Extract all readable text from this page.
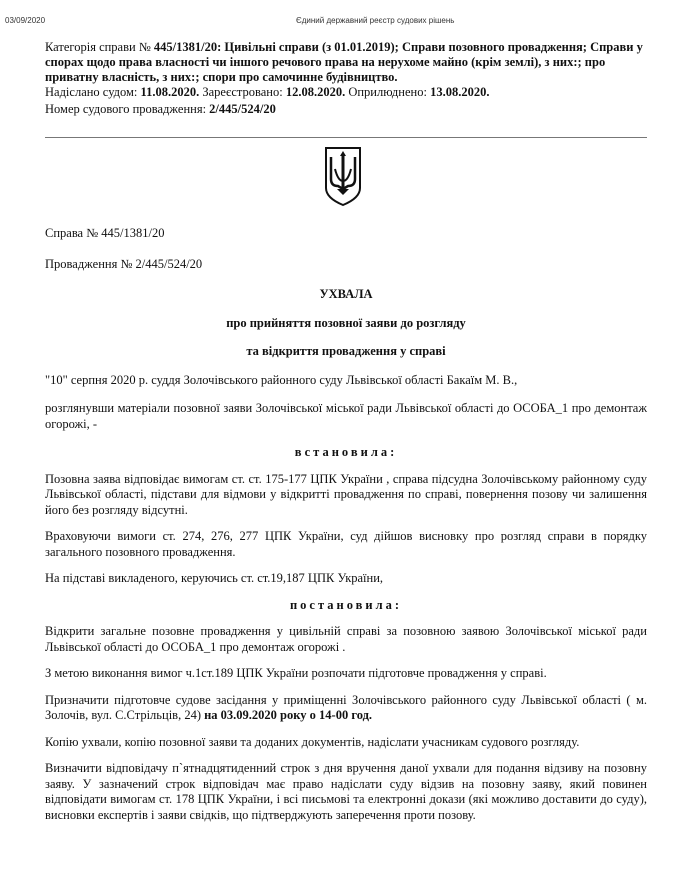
03/09/2020	Єдиний державний реєстр судових рішень

Категорія справи № 445/1381/20: Цивільні справи (з 01.01.2019); Справи позовного провадження; Справи у спорах щодо права власності чи іншого речового права на нерухоме майно (крім землі), з них:; про приватну власність, з них:; спори про самочинне будівництво.

Надіслано судом: 11.08.2020. Зареєстровано: 12.08.2020. Оприлюднено: 13.08.2020.

Номер судового провадження: 2/445/524/20

Справа № 445/1381/20

Провадження № 2/445/524/20

УХВАЛА

про прийняття позовної заяви до розгляду

та відкриття провадження у справі

"10" серпня 2020 р. суддя Золочівського районного суду Львівської області Бакаїм М. В.,

розглянувши матеріали позовної заяви Золочівської міської ради Львівської області до ОСОБА_1 про демонтаж огорожі, -

встановила:

Позовна заява відповідає вимогам ст. ст. 175-177 ЦПК України , справа підсудна Золочівському районному суду Львівської області, підстави для відмови у відкритті провадження по справі, повернення позову чи залишення його без розгляду відсутні.

Враховуючи вимоги ст. 274, 276, 277 ЦПК України, суд дійшов висновку про розгляд справи в порядку загального позовного провадження.

На підставі викладеного, керуючись ст. ст.19,187 ЦПК України,

постановила:

Відкрити загальне позовне провадження у цивільній справі за позовною заявою Золочівської міської ради Львівської області до ОСОБА_1 про демонтаж огорожі .

З метою виконання вимог ч.1ст.189 ЦПК України розпочати підготовче провадження у справі.

Призначити підготовче судове засідання у приміщенні Золочівського районного суду Львівської області ( м. Золочів, вул. С.Стрільців, 24) на 03.09.2020 року о 14-00 год.

Копію ухвали, копію позовної заяви та доданих документів, надіслати учасникам судового розгляду.

Визначити відповідачу п`ятнадцятиденний строк з дня вручення даної ухвали для подання відзиву на позовну заяву. У зазначений строк відповідач має право надіслати суду відзив на позовну заяву, який повинен відповідати вимогам ст. 178 ЦПК України, і всі письмові та електронні докази (які можливо доставити до суду), висновки експертів і заяви свідків, що підтверджують заперечення проти позову.
